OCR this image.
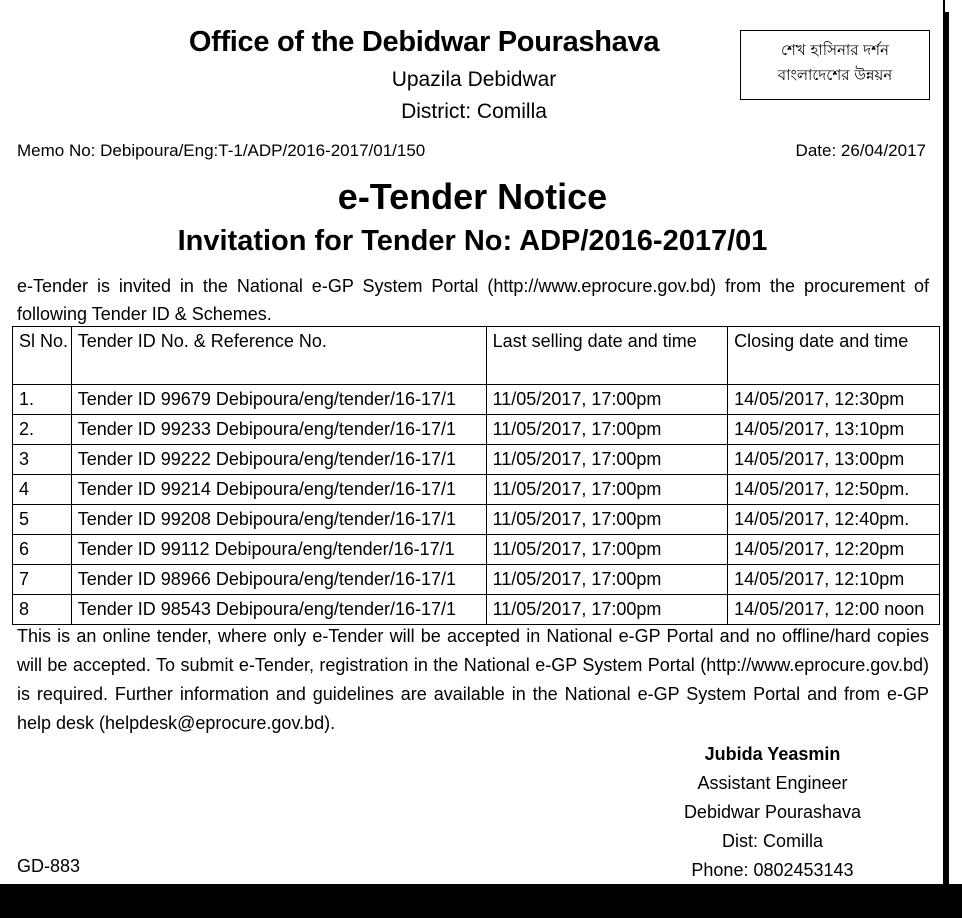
Office of the Debidwar Pourashava
Upazila Debidwar
District: Comilla
শেখ হাসিনার দর্শন
বাংলাদেশের উন্নয়ন
Memo No: Debipoura/Eng:T-1/ADP/2016-2017/01/150	Date: 26/04/2017
e-Tender Notice
Invitation for Tender No: ADP/2016-2017/01
e-Tender is invited in the National e-GP System Portal (http://www.eprocure.gov.bd) from the procurement of following Tender ID & Schemes.
Sl No.	Tender ID No. & Reference No.	Last selling date and time	Closing date and time
1.	Tender ID 99679 Debipoura/eng/tender/16-17/1	11/05/2017, 17:00pm	14/05/2017, 12:30pm
2.	Tender ID 99233 Debipoura/eng/tender/16-17/1	11/05/2017, 17:00pm	14/05/2017, 13:10pm
3	Tender ID 99222 Debipoura/eng/tender/16-17/1	11/05/2017, 17:00pm	14/05/2017, 13:00pm
4	Tender ID 99214 Debipoura/eng/tender/16-17/1	11/05/2017, 17:00pm	14/05/2017, 12:50pm.
5	Tender ID 99208 Debipoura/eng/tender/16-17/1	11/05/2017, 17:00pm	14/05/2017, 12:40pm.
6	Tender ID 99112 Debipoura/eng/tender/16-17/1	11/05/2017, 17:00pm	14/05/2017, 12:20pm
7	Tender ID 98966 Debipoura/eng/tender/16-17/1	11/05/2017, 17:00pm	14/05/2017, 12:10pm
8	Tender ID 98543 Debipoura/eng/tender/16-17/1	11/05/2017, 17:00pm	14/05/2017, 12:00 noon
This is an online tender, where only e-Tender will be accepted in National e-GP Portal and no offline/hard copies will be accepted. To submit e-Tender, registration in the National e-GP System Portal (http://www.eprocure.gov.bd) is required. Further information and guidelines are available in the National e-GP System Portal and from e-GP help desk (helpdesk@eprocure.gov.bd).
Jubida Yeasmin
Assistant Engineer
Debidwar Pourashava
Dist: Comilla
Phone: 0802453143
GD-883
